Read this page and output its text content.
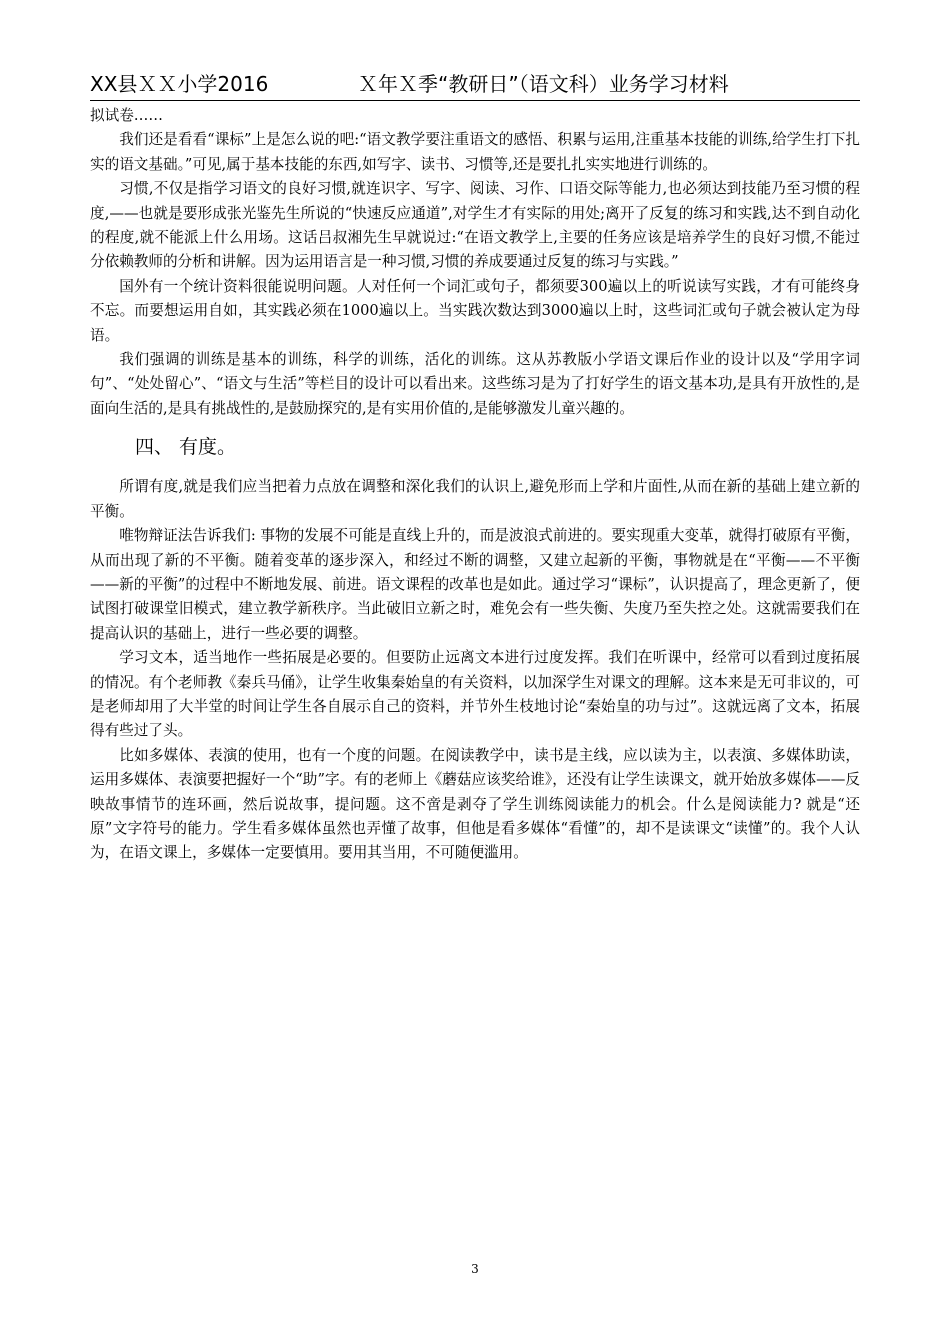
XX县ＸＸ小学2016	Ｘ年Ｘ季“教研日”（语文科）业务学习材料

拟试卷……

我们还是看看“课标”上是怎么说的吧:“语文教学要注重语文的感悟、积累与运用,注重基本技能的训练,给学生打下扎实的语文基础。”可见,属于基本技能的东西,如写字、读书、习惯等,还是要扎扎实实地进行训练的。

习惯,不仅是指学习语文的良好习惯,就连识字、写字、阅读、习作、口语交际等能力,也必须达到技能乃至习惯的程度,——也就是要形成张光鉴先生所说的“快速反应通道”,对学生才有实际的用处;离开了反复的练习和实践,达不到自动化的程度,就不能派上什么用场。这话吕叔湘先生早就说过:“在语文教学上,主要的任务应该是培养学生的良好习惯,不能过分依赖教师的分析和讲解。因为运用语言是一种习惯,习惯的养成要通过反复的练习与实践。”

国外有一个统计资料很能说明问题。人对任何一个词汇或句子，都须要300遍以上的听说读写实践，才有可能终身不忘。而要想运用自如，其实践必须在1000遍以上。当实践次数达到3000遍以上时，这些词汇或句子就会被认定为母语。

我们强调的训练是基本的训练，科学的训练，活化的训练。这从苏教版小学语文课后作业的设计以及“学用字词句”、“处处留心”、“语文与生活”等栏目的设计可以看出来。这些练习是为了打好学生的语文基本功,是具有开放性的,是面向生活的,是具有挑战性的,是鼓励探究的,是有实用价值的,是能够激发儿童兴趣的。

四、 有度。

所谓有度,就是我们应当把着力点放在调整和深化我们的认识上,避免形而上学和片面性,从而在新的基础上建立新的平衡。

唯物辩证法告诉我们: 事物的发展不可能是直线上升的，而是波浪式前进的。要实现重大变革，就得打破原有平衡，从而出现了新的不平衡。随着变革的逐步深入，和经过不断的调整，又建立起新的平衡，事物就是在“平衡——不平衡——新的平衡”的过程中不断地发展、前进。语文课程的改革也是如此。通过学习“课标”，认识提高了，理念更新了，便试图打破课堂旧模式，建立教学新秩序。当此破旧立新之时，难免会有一些失衡、失度乃至失控之处。这就需要我们在提高认识的基础上，进行一些必要的调整。

学习文本，适当地作一些拓展是必要的。但要防止远离文本进行过度发挥。我们在听课中，经常可以看到过度拓展的情况。有个老师教《秦兵马俑》，让学生收集秦始皇的有关资料，以加深学生对课文的理解。这本来是无可非议的，可是老师却用了大半堂的时间让学生各自展示自己的资料，并节外生枝地讨论“秦始皇的功与过”。这就远离了文本，拓展得有些过了头。

比如多媒体、表演的使用，也有一个度的问题。在阅读教学中，读书是主线，应以读为主，以表演、多媒体助读，运用多媒体、表演要把握好一个“助”字。有的老师上《蘑菇应该奖给谁》，还没有让学生读课文，就开始放多媒体——反映故事情节的连环画，然后说故事，提问题。这不啻是剥夺了学生训练阅读能力的机会。什么是阅读能力? 就是“还原”文字符号的能力。学生看多媒体虽然也弄懂了故事，但他是看多媒体“看懂”的，却不是读课文“读懂”的。我个人认为，在语文课上，多媒体一定要慎用。要用其当用，不可随便滥用。

3
